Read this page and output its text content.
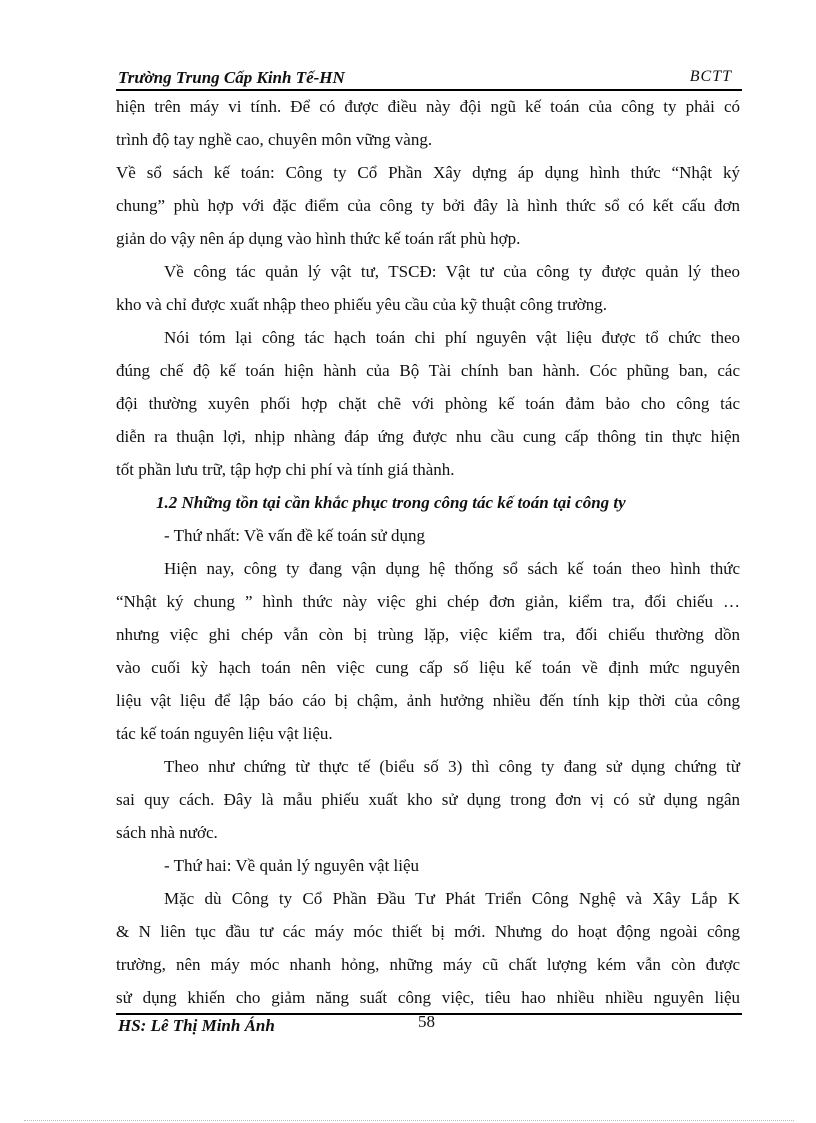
Trường Trung Cấp Kinh Tế-HN	BCTT
hiện trên máy vi tính. Để có được điều này đội ngũ kế toán của công ty phải có
trình độ tay nghề cao, chuyên môn vững vàng.
Về sổ sách kế toán: Công ty Cổ Phần Xây dựng áp dụng hình thức “Nhật ký
chung” phù hợp với đặc điểm của công ty bởi đây là hình thức sổ có kết cấu đơn
giản do vậy nên áp dụng vào hình thức kế toán rất phù hợp.
Về công tác quản lý vật tư, TSCĐ: Vật tư của công ty được quản lý theo
kho và chỉ được xuất nhập theo phiếu yêu cầu của kỹ thuật công trường.
Nói tóm lại công tác hạch toán chi phí nguyên vật liệu được tổ chức theo
đúng chế độ kế toán hiện hành của Bộ Tài chính ban hành. Cóc phũng ban, các
đội thường xuyên phối hợp chặt chẽ với phòng kế toán đảm bảo cho công tác
diễn ra thuận lợi, nhịp nhàng đáp ứng được nhu cầu cung cấp thông tin thực hiện
tốt phần lưu trữ, tập hợp chi phí và tính giá thành.
1.2 Những tồn tại cần khắc phục trong công tác kế toán tại công ty
- Thứ nhất: Về vấn đề kế toán sử dụng
Hiện nay, công ty đang vận dụng hệ thống sổ sách kế toán theo hình thức
“Nhật ký chung ” hình thức này việc ghi chép đơn giản, kiểm tra, đối chiếu …
nhưng việc ghi chép vẫn còn bị trùng lặp, việc kiểm tra, đối chiếu thường dồn
vào cuối kỳ hạch toán nên việc cung cấp số liệu kế toán về định mức nguyên
liệu vật liệu để lập báo cáo bị chậm, ảnh hưởng nhiều đến tính kịp thời của công
tác kế toán nguyên liệu vật liệu.
Theo như chứng từ thực tế (biểu số 3) thì công ty đang sử dụng chứng từ
sai quy cách. Đây là mẫu phiếu xuất kho sử dụng trong đơn vị có sử dụng ngân
sách nhà nước.
- Thứ hai: Về quản lý nguyên vật liệu
Mặc dù Công ty Cổ Phần Đầu Tư Phát Triển Công Nghệ và Xây Lắp K
& N liên tục đầu tư các máy móc thiết bị mới. Nhưng do hoạt động ngoài công
trường, nên máy móc nhanh hỏng, những máy cũ chất lượng kém vẫn còn được
sử dụng khiến cho giảm năng suất công việc, tiêu hao nhiều nhiều nguyên liệu
HS: Lê Thị Minh Ánh	58
